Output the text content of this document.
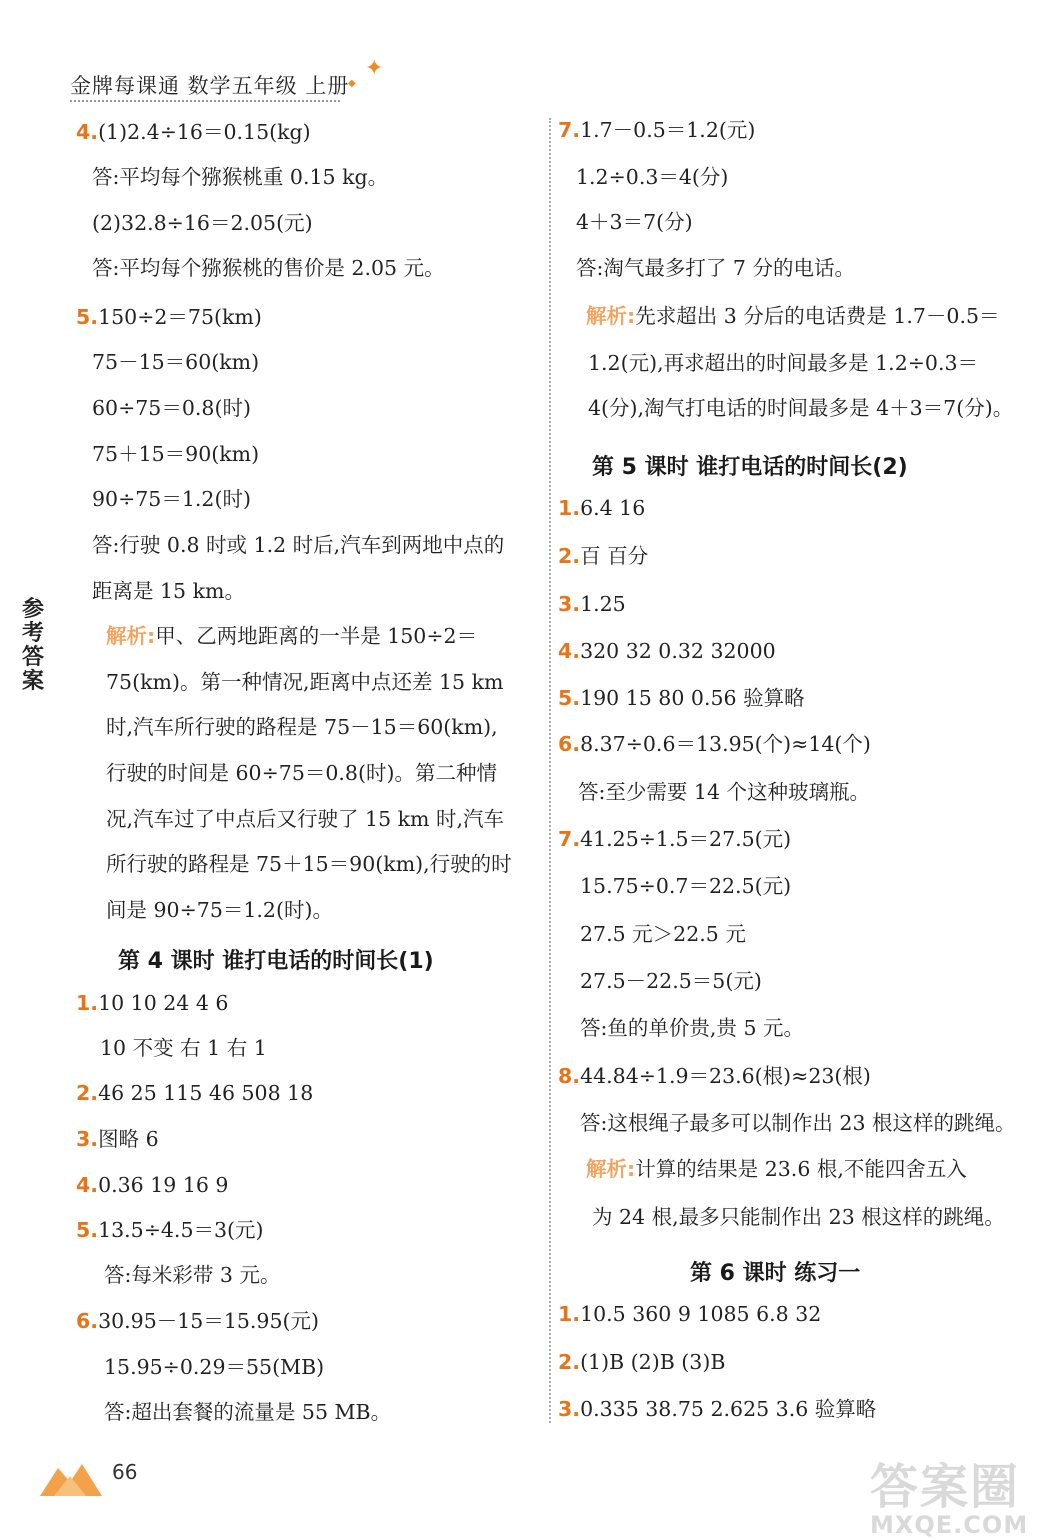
金牌每课通 数学五年级 上册
✦
◆
参考答案
4.(1)2.4÷16＝0.15(kg)
答:平均每个猕猴桃重 0.15 kg。
(2)32.8÷16＝2.05(元)
答:平均每个猕猴桃的售价是 2.05 元。
5.150÷2＝75(km)
75－15＝60(km)
60÷75＝0.8(时)
75＋15＝90(km)
90÷75＝1.2(时)
答:行驶 0.8 时或 1.2 时后,汽车到两地中点的
距离是 15 km。
解析:甲、乙两地距离的一半是 150÷2＝
75(km)。第一种情况,距离中点还差 15 km
时,汽车所行驶的路程是 75－15＝60(km),
行驶的时间是 60÷75＝0.8(时)。第二种情
况,汽车过了中点后又行驶了 15 km 时,汽车
所行驶的路程是 75＋15＝90(km),行驶的时
间是 90÷75＝1.2(时)。
第 4 课时 谁打电话的时间长(1)
1.10 10 24 4 6
10 不变 右 1 右 1
2.46 25 115 46 508 18
3.图略 6
4.0.36 19 16 9
5.13.5÷4.5＝3(元)
答:每米彩带 3 元。
6.30.95－15＝15.95(元)
15.95÷0.29＝55(MB)
答:超出套餐的流量是 55 MB。
7.1.7－0.5＝1.2(元)
1.2÷0.3＝4(分)
4＋3＝7(分)
答:淘气最多打了 7 分的电话。
解析:先求超出 3 分后的电话费是 1.7－0.5＝
1.2(元),再求超出的时间最多是 1.2÷0.3＝
4(分),淘气打电话的时间最多是 4＋3＝7(分)。
第 5 课时 谁打电话的时间长(2)
1.6.4 16
2.百 百分
3.1.25
4.320 32 0.32 32000
5.190 15 80 0.56 验算略
6.8.37÷0.6＝13.95(个)≈14(个)
答:至少需要 14 个这种玻璃瓶。
7.41.25÷1.5＝27.5(元)
15.75÷0.7＝22.5(元)
27.5 元＞22.5 元
27.5－22.5＝5(元)
答:鱼的单价贵,贵 5 元。
8.44.84÷1.9＝23.6(根)≈23(根)
答:这根绳子最多可以制作出 23 根这样的跳绳。
解析:计算的结果是 23.6 根,不能四舍五入
为 24 根,最多只能制作出 23 根这样的跳绳。
第 6 课时 练习一
1.10.5 360 9 1085 6.8 32
2.(1)B (2)B (3)B
3.0.335 38.75 2.625 3.6 验算略
66	答案圈
MXQE.COM
